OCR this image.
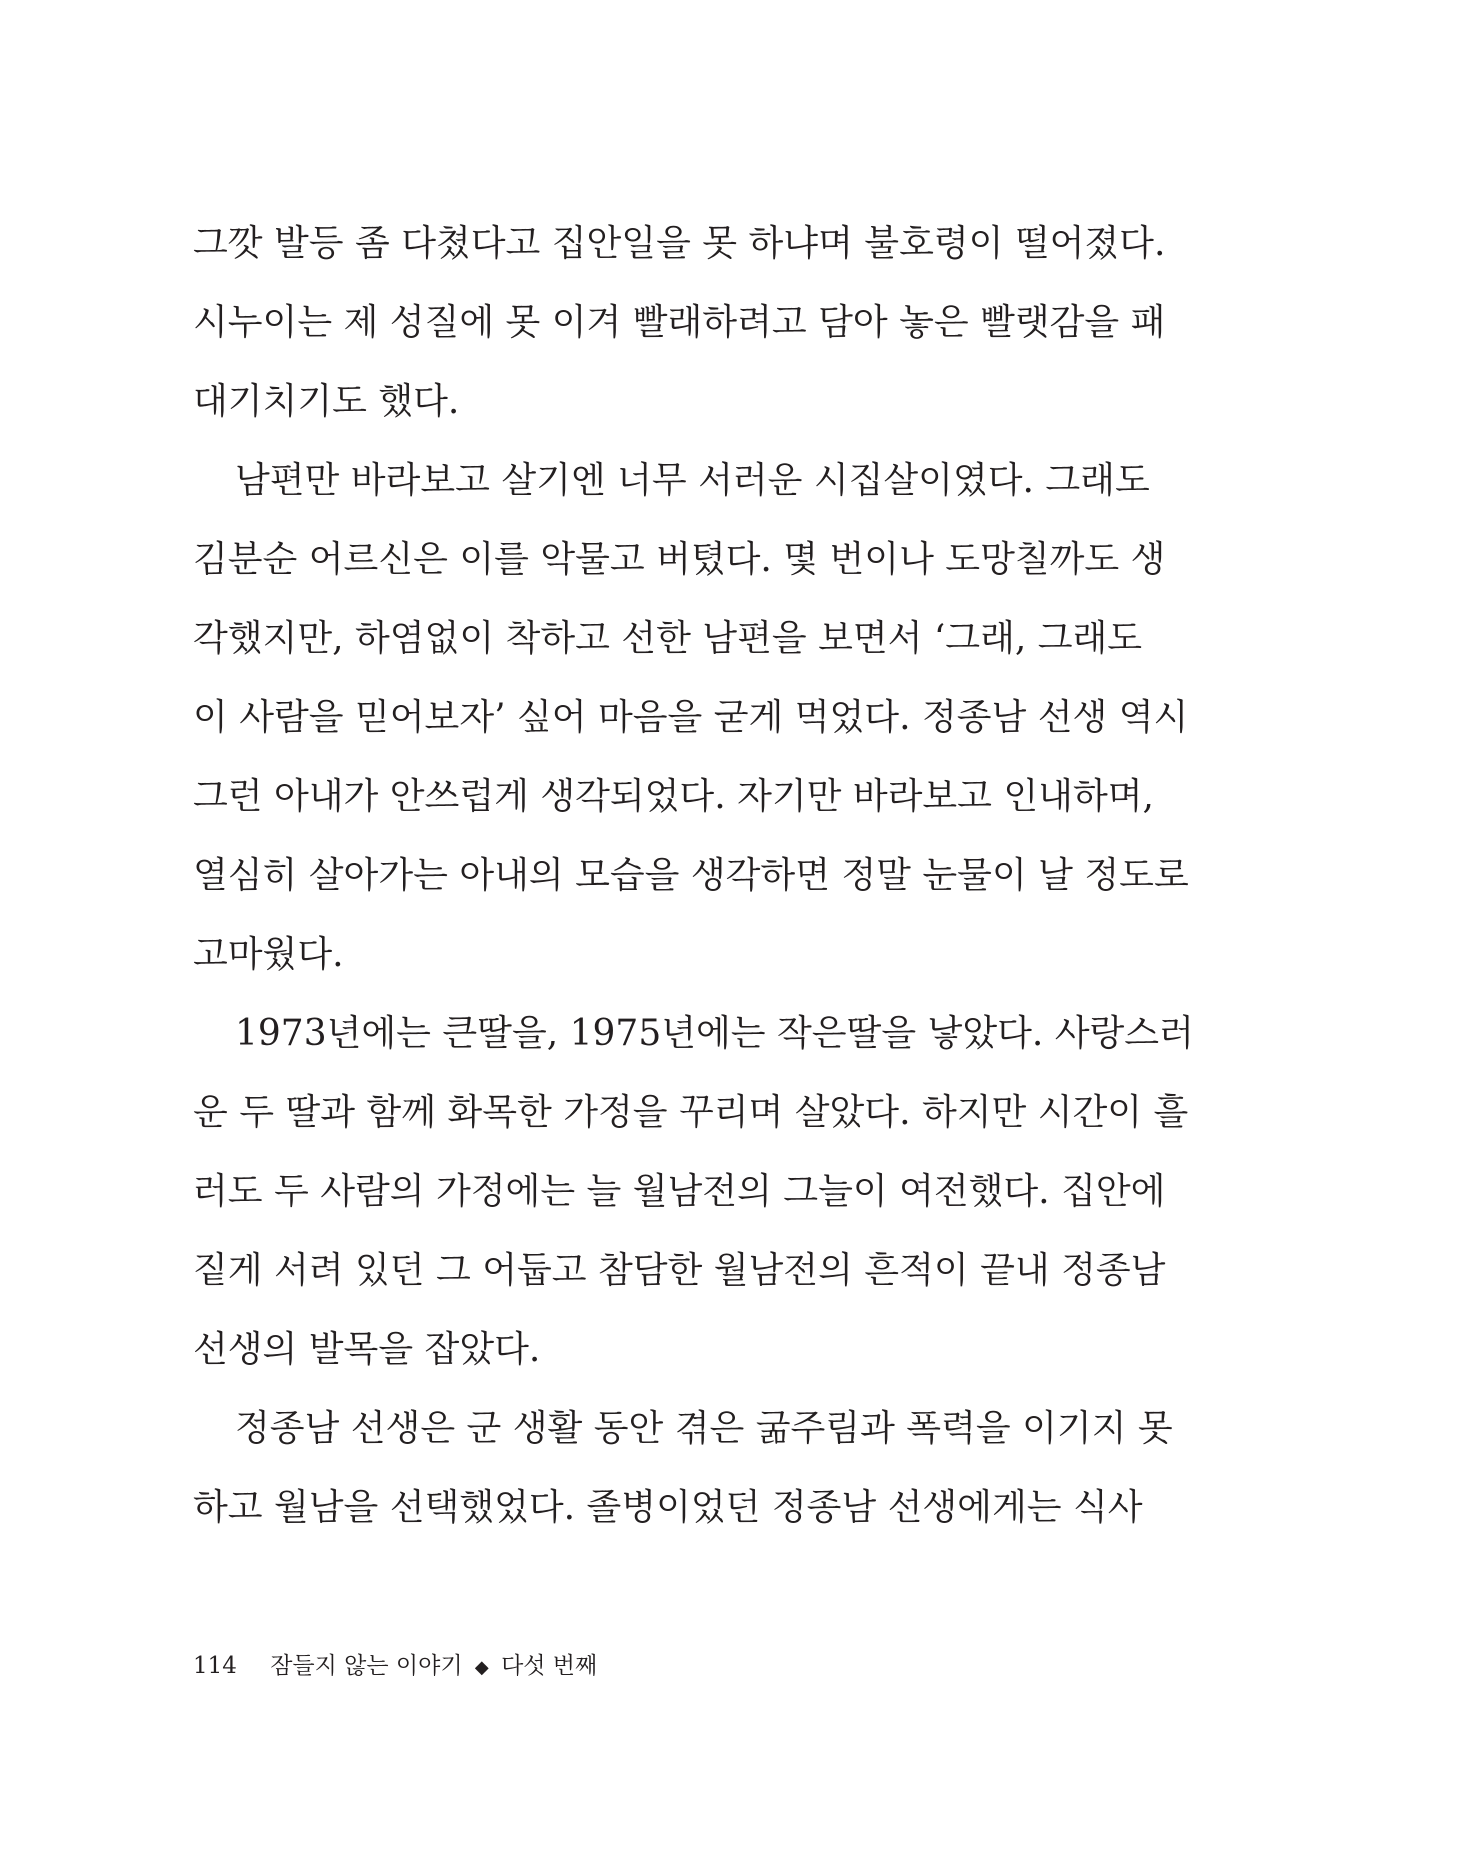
그깟 발등 좀 다쳤다고 집안일을 못 하냐며 불호령이 떨어졌다.
시누이는 제 성질에 못 이겨 빨래하려고 담아 놓은 빨랫감을 패
대기치기도 했다.
남편만 바라보고 살기엔 너무 서러운 시집살이였다. 그래도
김분순 어르신은 이를 악물고 버텼다. 몇 번이나 도망칠까도 생
각했지만, 하염없이 착하고 선한 남편을 보면서 ‘그래, 그래도
이 사람을 믿어보자’ 싶어 마음을 굳게 먹었다. 정종남 선생 역시
그런 아내가 안쓰럽게 생각되었다. 자기만 바라보고 인내하며,
열심히 살아가는 아내의 모습을 생각하면 정말 눈물이 날 정도로
고마웠다.
1973년에는 큰딸을, 1975년에는 작은딸을 낳았다. 사랑스러
운 두 딸과 함께 화목한 가정을 꾸리며 살았다. 하지만 시간이 흘
러도 두 사람의 가정에는 늘 월남전의 그늘이 여전했다. 집안에
짙게 서려 있던 그 어둡고 참담한 월남전의 흔적이 끝내 정종남
선생의 발목을 잡았다.
정종남 선생은 군 생활 동안 겪은 굶주림과 폭력을 이기지 못
하고 월남을 선택했었다. 졸병이었던 정종남 선생에게는 식사
114 잠들지 않는 이야기 ◆ 다섯 번째
